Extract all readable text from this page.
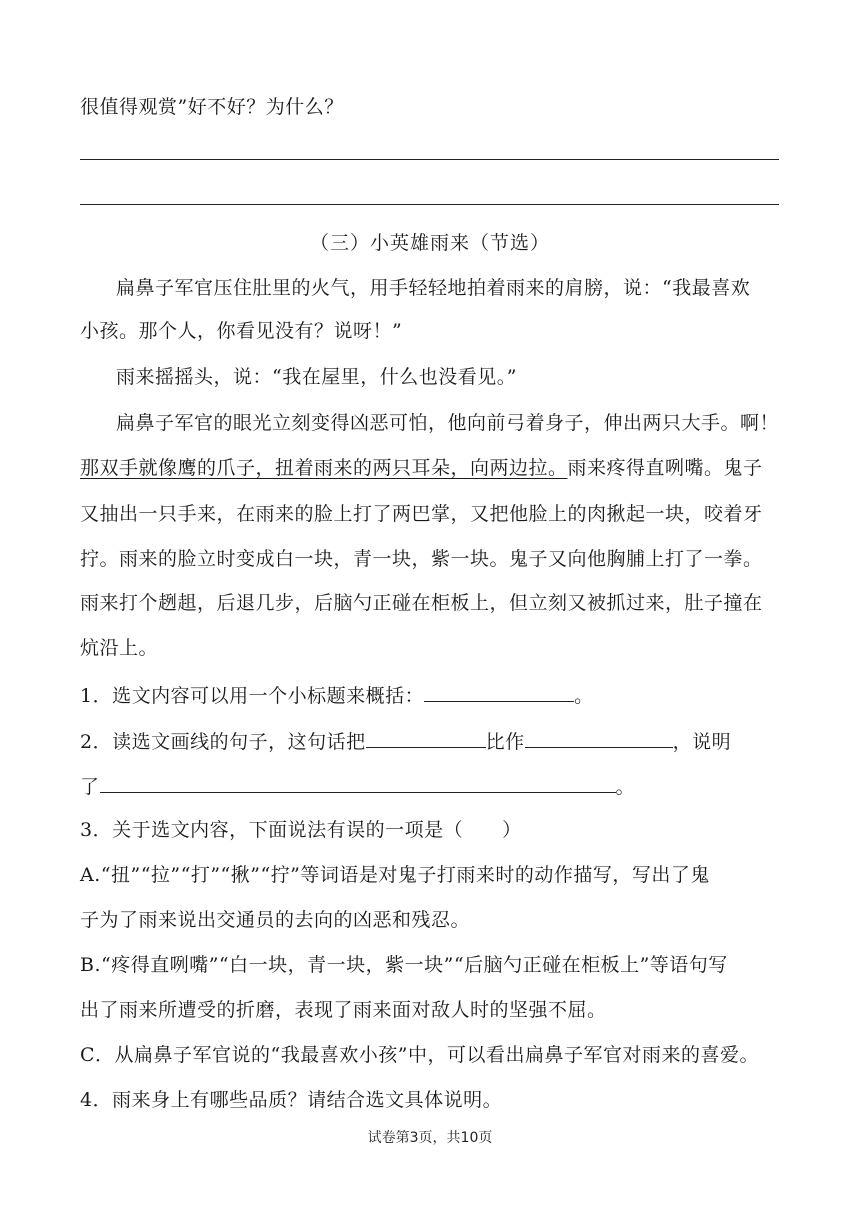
很值得观赏”好不好？为什么？
（三）小英雄雨来（节选）
扁鼻子军官压住肚里的火气，用手轻轻地拍着雨来的肩膀，说：“我最喜欢
小孩。那个人，你看见没有？说呀！”
雨来摇摇头，说：“我在屋里，什么也没看见。”
扁鼻子军官的眼光立刻变得凶恶可怕，他向前弓着身子，伸出两只大手。啊！
那双手就像鹰的爪子，扭着雨来的两只耳朵，向两边拉。雨来疼得直咧嘴。鬼子
又抽出一只手来，在雨来的脸上打了两巴掌，又把他脸上的肉揪起一块，咬着牙
拧。雨来的脸立时变成白一块，青一块，紫一块。鬼子又向他胸脯上打了一拳。
雨来打个趔趄，后退几步，后脑勺正碰在柜板上，但立刻又被抓过来，肚子撞在
炕沿上。
1．选文内容可以用一个小标题来概括：	。
2．读选文画线的句子，这句话把	比作	，说明
了	。
3．关于选文内容，下面说法有误的一项是（　　）
A.“扭”“拉”“打”“揪”“拧”等词语是对鬼子打雨来时的动作描写，写出了鬼
子为了雨来说出交通员的去向的凶恶和残忍。
B.“疼得直咧嘴”“白一块，青一块，紫一块”“后脑勺正碰在柜板上”等语句写
出了雨来所遭受的折磨，表现了雨来面对敌人时的坚强不屈。
C．从扁鼻子军官说的“我最喜欢小孩”中，可以看出扁鼻子军官对雨来的喜爱。
4．雨来身上有哪些品质？请结合选文具体说明。
试卷第3页，共10页
